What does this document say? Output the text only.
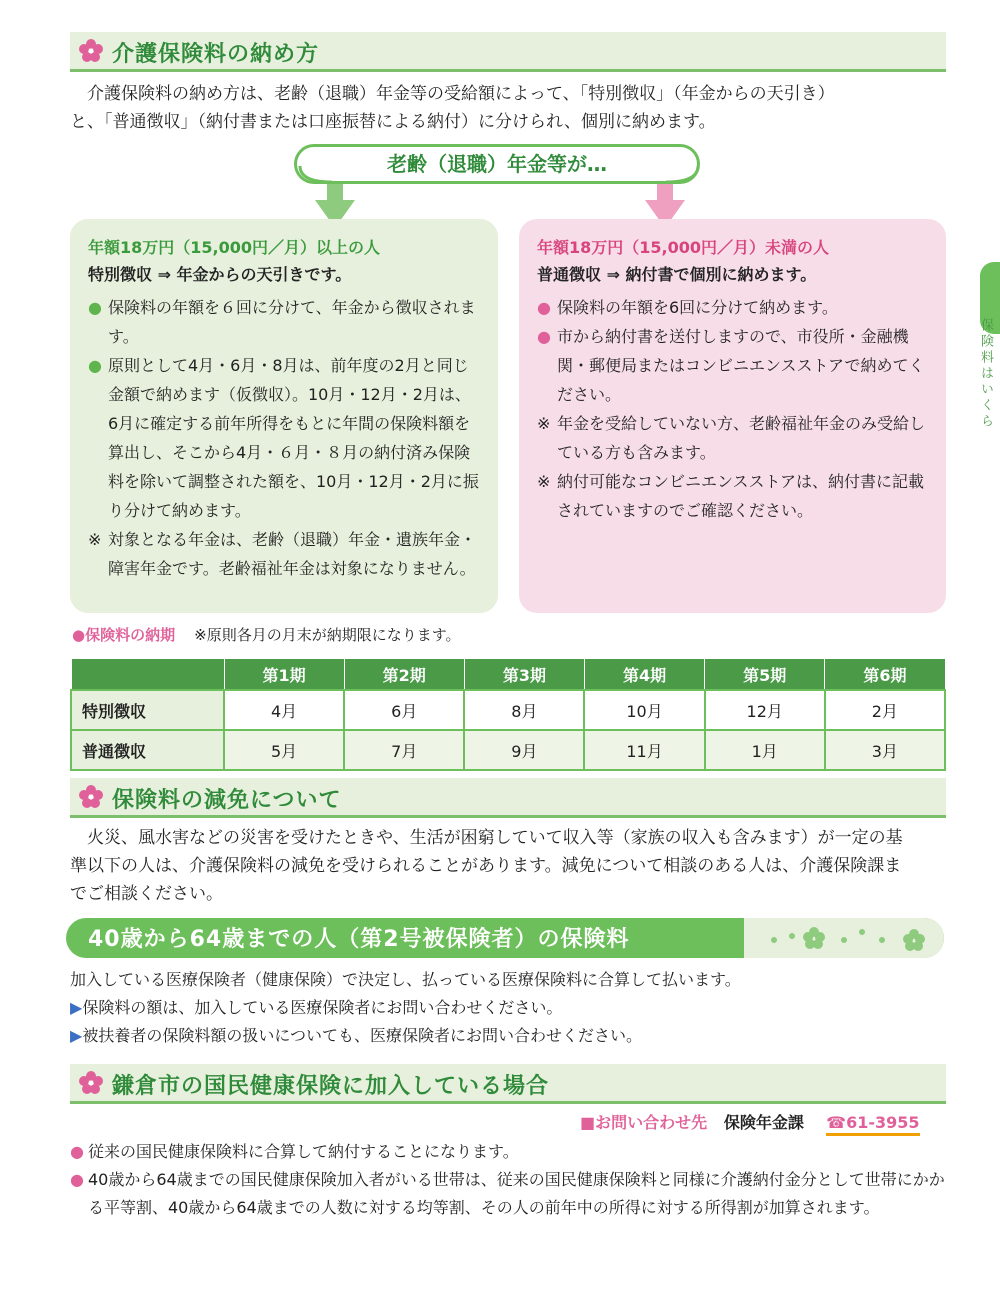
介護保険料の納め方
介護保険料の納め方は、老齢（退職）年金等の受給額によって、「特別徴収」（年金からの天引き）
と、「普通徴収」（納付書または口座振替による納付）に分けられ、個別に納めます。
老齢（退職）年金等が…
年額18万円（15,000円／月）以上の人
特別徴収 ⇒ 年金からの天引きです。
● 保険料の年額を６回に分けて、年金から徴収されます。
● 原則として4月・6月・8月は、前年度の2月と同じ金額で納めます（仮徴収）。10月・12月・2月は、6月に確定する前年所得をもとに年間の保険料額を算出し、そこから4月・６月・８月の納付済み保険料を除いて調整された額を、10月・12月・2月に振り分けて納めます。
※ 対象となる年金は、老齢（退職）年金・遺族年金・障害年金です。老齢福祉年金は対象になりません。
年額18万円（15,000円／月）未満の人
普通徴収 ⇒ 納付書で個別に納めます。
● 保険料の年額を6回に分けて納めます。
● 市から納付書を送付しますので、市役所・金融機関・郵便局またはコンビニエンスストアで納めてください。
※ 年金を受給していない方、老齢福祉年金のみ受給している方も含みます。
※ 納付可能なコンビニエンスストアは、納付書に記載されていますのでご確認ください。
●保険料の納期 ※原則各月の月末が納期限になります。
	第1期	第2期	第3期	第4期	第5期	第6期
特別徴収	4月	6月	8月	10月	12月	2月
普通徴収	5月	7月	9月	11月	1月	3月
保険料の減免について
火災、風水害などの災害を受けたときや、生活が困窮していて収入等（家族の収入も含みます）が一定の基
準以下の人は、介護保険料の減免を受けられることがあります。減免について相談のある人は、介護保険課ま
でご相談ください。
40歳から64歳までの人（第2号被保険者）の保険料
加入している医療保険者（健康保険）で決定し、払っている医療保険料に合算して払います。
▶保険料の額は、加入している医療保険者にお問い合わせください。
▶被扶養者の保険料額の扱いについても、医療保険者にお問い合わせください。
鎌倉市の国民健康保険に加入している場合
■お問い合わせ先 保険年金課 ☎61-3955
● 従来の国民健康保険料に合算して納付することになります。
● 40歳から64歳までの国民健康保険加入者がいる世帯は、従来の国民健康保険料と同様に介護納付金分として世帯にかかる平等割、40歳から64歳までの人数に対する均等割、その人の前年中の所得に対する所得割が加算されます。
保険料はいくら
